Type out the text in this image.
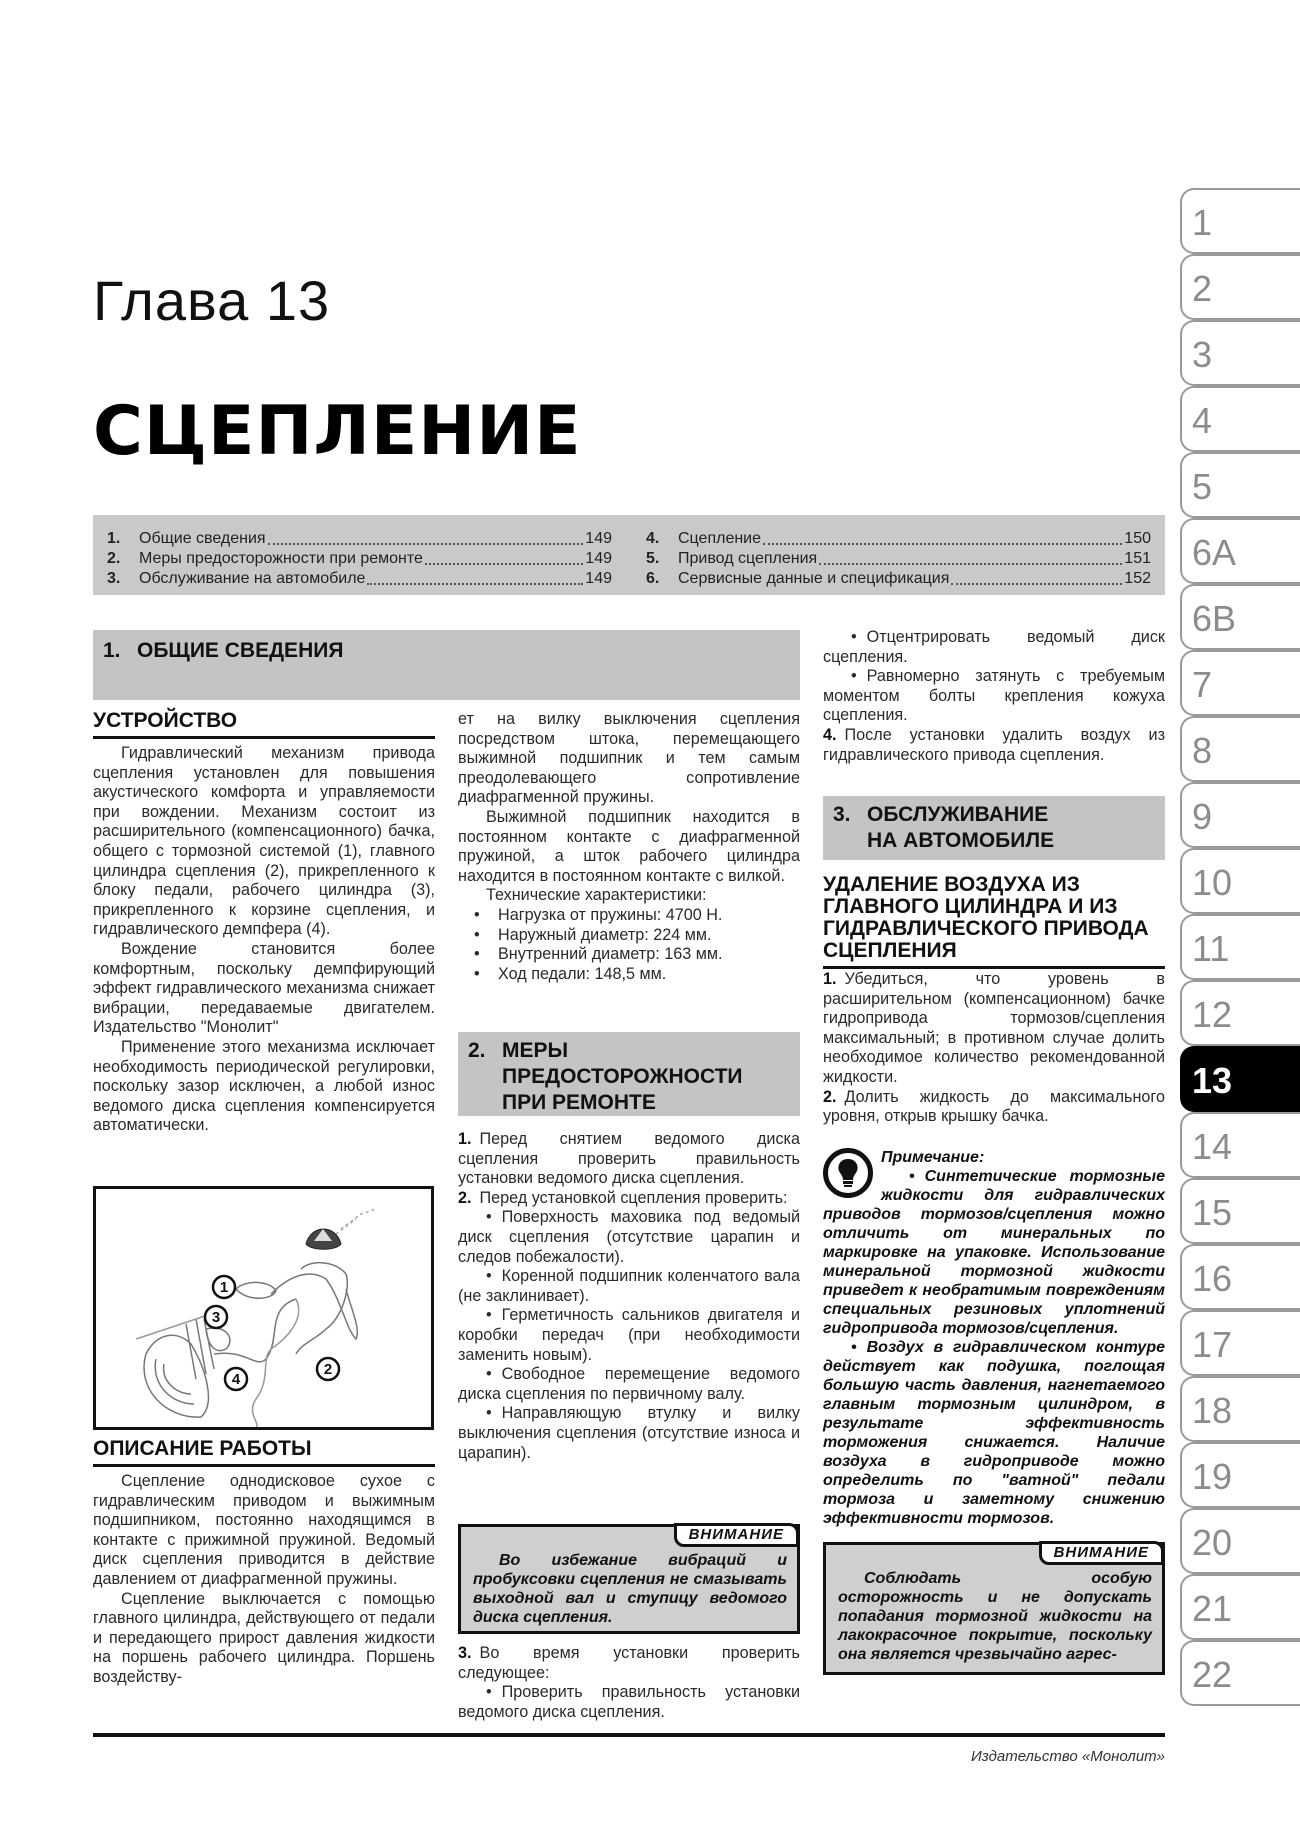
Глава 13
СЦЕПЛЕНИЕ
1.	Общие сведения	149
2.	Меры предосторожности при ремонте	149
3.	Обслуживание на автомобиле	149
4.	Сцепление	150
5.	Привод сцепления	151
6.	Сервисные данные и спецификация	152
1. ОБЩИЕ СВЕДЕНИЯ
УСТРОЙСТВО

Гидравлический механизм привода сцепления установлен для повышения акустического комфорта и управляемости при вождении. Механизм состоит из расширительного (компенсационного) бачка, общего с тормозной системой (1), главного цилиндра сцепления (2), прикрепленного к блоку педали, рабочего цилиндра (3), прикрепленного к корзине сцепления, и гидравлического демпфера (4).

Вождение становится более комфортным, поскольку демпфирующий эффект гидравлического механизма снижает вибрации, передаваемые двигателем. Издательство "Монолит"

Применение этого механизма исключает необходимость периодической регулировки, поскольку зазор исключен, а любой износ ведомого диска сцепления компенсируется автоматически.

1
3
4
2
ОПИСАНИЕ РАБОТЫ

Сцепление однодисковое сухое с гидравлическим приводом и выжимным подшипником, постоянно находящимся в контакте с прижимной пружиной. Ведомый диск сцепления приводится в действие давлением от диафрагменной пружины.

Сцепление выключается с помощью главного цилиндра, действующего от педали и передающего прирост давления жидкости на поршень рабочего цилиндра. Поршень воздейству-

ет на вилку выключения сцепления посредством штока, перемещающего выжимной подшипник и тем самым преодолевающего сопротивление диафрагменной пружины.

Выжимной подшипник находится в постоянном контакте с диафрагменной пружиной, а шток рабочего цилиндра находится в постоянном контакте с вилкой.

Технические характеристики:

• Нагрузка от пружины: 4700 Н.
• Наружный диаметр: 224 мм.
• Внутренний диаметр: 163 мм.
• Ход педали: 148,5 мм.
2. МЕРЫ
ПРЕДОСТОРОЖНОСТИ
ПРИ РЕМОНТЕ

1. Перед снятием ведомого диска сцепления проверить правильность установки ведомого диска сцепления.

2. Перед установкой сцепления проверить:

• Поверхность маховика под ведомый диск сцепления (отсутствие царапин и следов побежалости).

• Коренной подшипник коленчатого вала (не заклинивает).

• Герметичность сальников двигателя и коробки передач (при необходимости заменить новым).

• Свободное перемещение ведомого диска сцепления по первичному валу.

• Направляющую втулку и вилку выключения сцепления (отсутствие износа и царапин).

ВНИМАНИЕ

Во избежание вибраций и пробуксовки сцепления не смазывать выходной вал и ступицу ведомого диска сцепления.

3. Во время установки проверить следующее:

• Проверить правильность установки ведомого диска сцепления.

• Отцентрировать ведомый диск сцепления.

• Равномерно затянуть с требуемым моментом болты крепления кожуха сцепления.

4. После установки удалить воздух из гидравлического привода сцепления.

3. ОБСЛУЖИВАНИЕ
НА АВТОМОБИЛЕ
УДАЛЕНИЕ ВОЗДУХА ИЗ ГЛАВНОГО ЦИЛИНДРА И ИЗ ГИДРАВЛИЧЕСКОГО ПРИВОДА СЦЕПЛЕНИЯ

1. Убедиться, что уровень в расширительном (компенсационном) бачке гидропривода тормозов/сцепления максимальный; в противном случае долить необходимое количество рекомендованной жидкости.

2. Долить жидкость до максимального уровня, открыв крышку бачка.

Примечание:

• Синтетические тормозные жидкости для гидравлических приводов тормозов/сцепления можно отличить от минеральных по маркировке на упаковке. Использование минеральной тормозной жидкости приведет к необратимым повреждениям специальных резиновых уплотнений гидропривода тормозов/сцепления.

• Воздух в гидравлическом контуре действует как подушка, поглощая большую часть давления, нагнетаемого главным тормозным цилиндром, в результате эффективность торможения снижается. Наличие воздуха в гидроприводе можно определить по "ватной" педали тормоза и заметному снижению эффективности тормозов.

ВНИМАНИЕ

Соблюдать особую осторожность и не допускать попадания тормозной жидкости на лакокрасочное покрытие, поскольку она является чрезвычайно агрес-

Издательство «Монолит»
1
2
3
4
5
6A
6B
7
8
9
10
11
12
13
14
15
16
17
18
19
20
21
22
